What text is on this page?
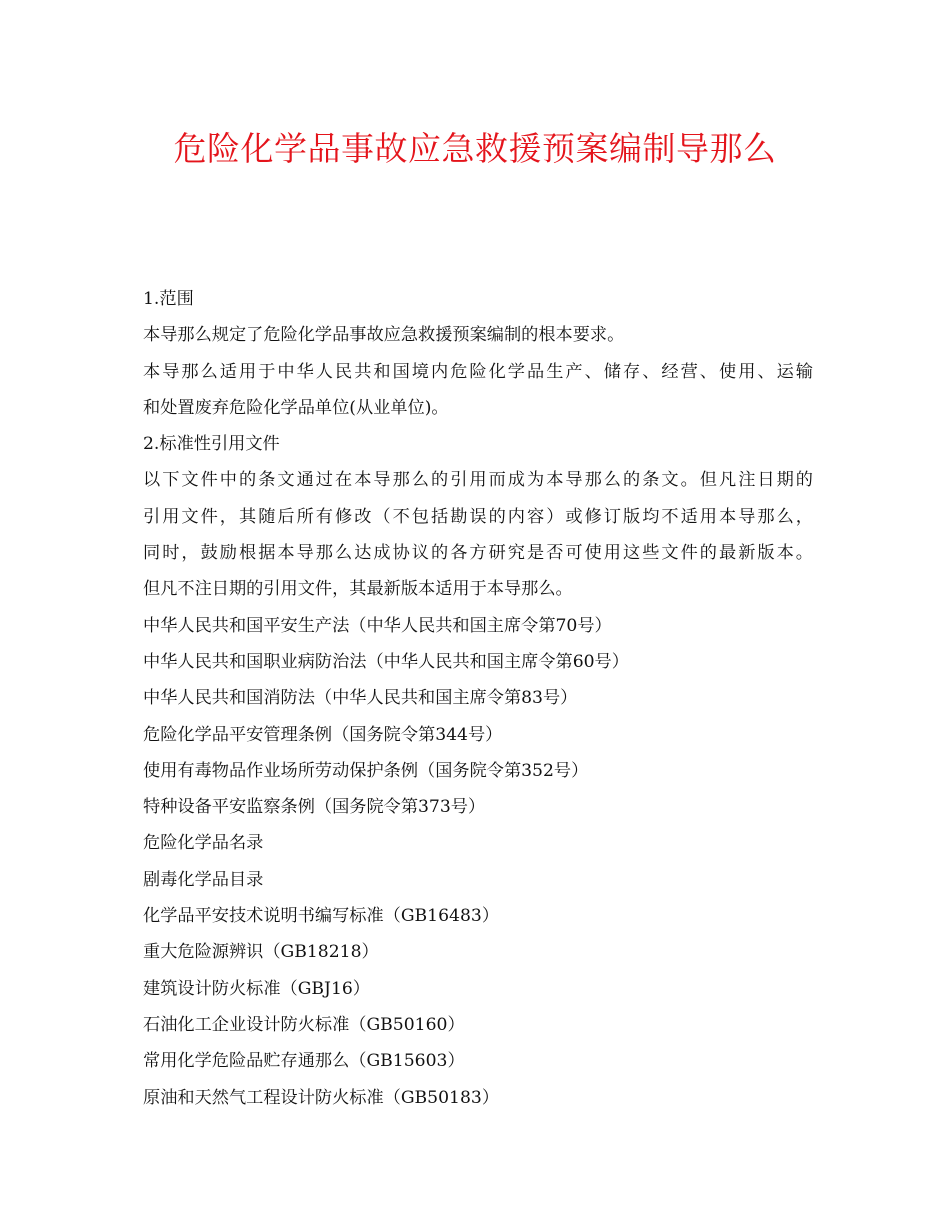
危险化学品事故应急救援预案编制导那么
1.范围
本导那么规定了危险化学品事故应急救援预案编制的根本要求。
本导那么适用于中华人民共和国境内危险化学品生产、储存、经营、使用、运输
和处置废弃危险化学品单位(从业单位)。
2.标准性引用文件
以下文件中的条文通过在本导那么的引用而成为本导那么的条文。但凡注日期的
引用文件，其随后所有修改（不包括勘误的内容）或修订版均不适用本导那么，
同时，鼓励根据本导那么达成协议的各方研究是否可使用这些文件的最新版本。
但凡不注日期的引用文件，其最新版本适用于本导那么。
中华人民共和国平安生产法（中华人民共和国主席令第70号）
中华人民共和国职业病防治法（中华人民共和国主席令第60号）
中华人民共和国消防法（中华人民共和国主席令第83号）
危险化学品平安管理条例（国务院令第344号）
使用有毒物品作业场所劳动保护条例（国务院令第352号）
特种设备平安监察条例（国务院令第373号）
危险化学品名录
剧毒化学品目录
化学品平安技术说明书编写标准（GB16483）
重大危险源辨识（GB18218）
建筑设计防火标准（GBJ16）
石油化工企业设计防火标准（GB50160）
常用化学危险品贮存通那么（GB15603）
原油和天然气工程设计防火标准（GB50183）
